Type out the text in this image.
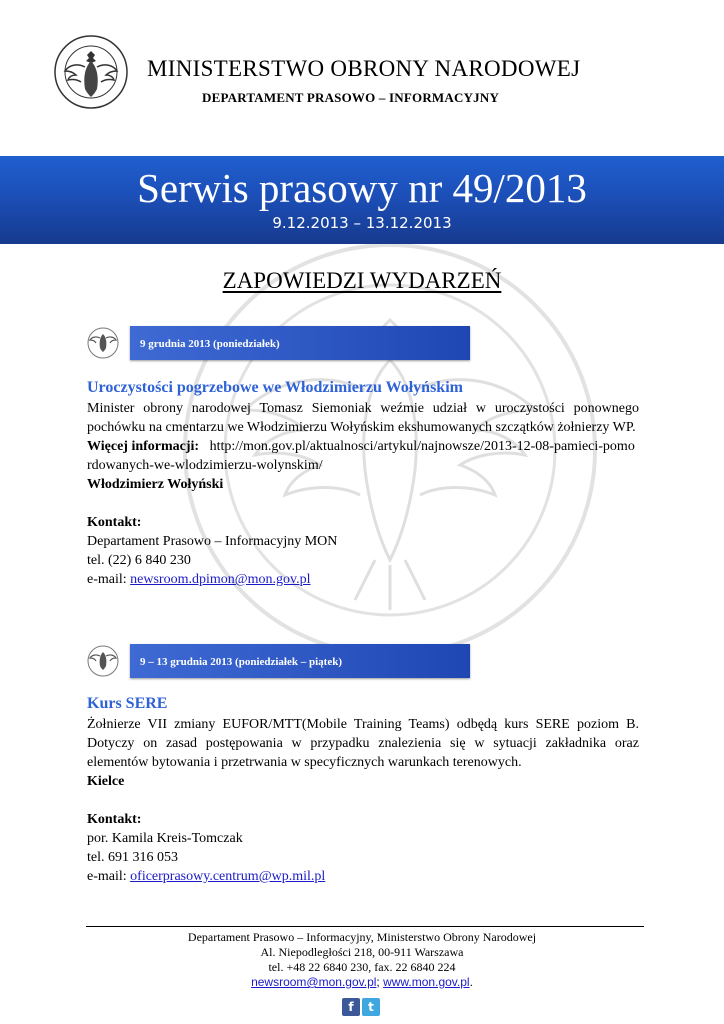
MINISTERSTWO OBRONY NARODOWEJ
DEPARTAMENT PRASOWO – INFORMACYJNY
Serwis prasowy nr 49/2013
9.12.2013 – 13.12.2013
ZAPOWIEDZI WYDARZEŃ
9 grudnia 2013 (poniedziałek)
Uroczystości pogrzebowe we Włodzimierzu Wołyńskim
Minister obrony narodowej Tomasz Siemoniak weźmie udział w uroczystości ponownego pochówku na cmentarzu we Włodzimierzu Wołyńskim ekshumowanych szczątków żołnierzy WP.
Więcej informacji: http://mon.gov.pl/aktualnosci/artykul/najnowsze/2013-12-08-pamieci-pomordowanych-we-wlodzimierzu-wolynskim/
Włodzimierz Wołyński
Kontakt:
Departament Prasowo – Informacyjny MON
tel. (22) 6 840 230
e-mail: newsroom.dpimon@mon.gov.pl
9 – 13 grudnia 2013 (poniedziałek – piątek)
Kurs SERE
Żołnierze VII zmiany EUFOR/MTT(Mobile Training Teams) odbędą kurs SERE poziom B. Dotyczy on zasad postępowania w przypadku znalezienia się w sytuacji zakładnika oraz elementów bytowania i przetrwania w specyficznych warunkach terenowych.
Kielce
Kontakt:
por. Kamila Kreis-Tomczak
tel. 691 316 053
e-mail: oficerprasowy.centrum@wp.mil.pl
Departament Prasowo – Informacyjny, Ministerstwo Obrony Narodowej
Al. Niepodległości 218, 00-911 Warszawa
tel. +48 22 6840 230, fax. 22 6840 224
newsroom@mon.gov.pl; www.mon.gov.pl.
f t
